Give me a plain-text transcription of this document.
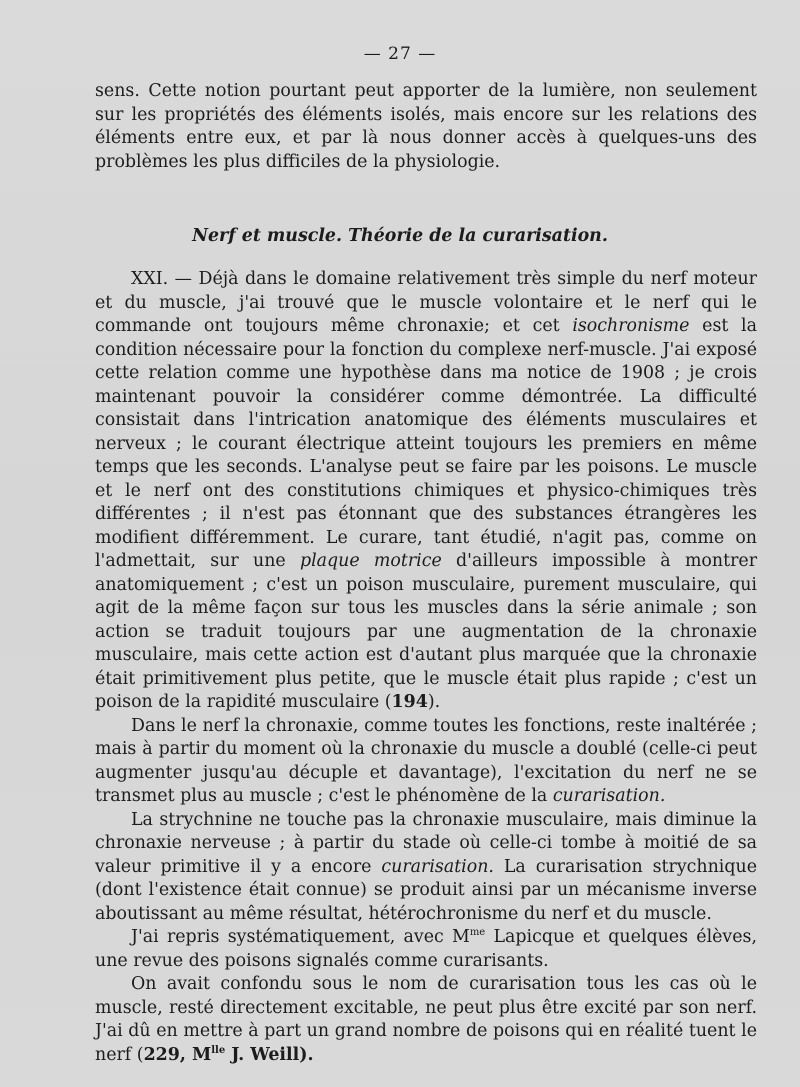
— 27 —

sens. Cette notion pourtant peut apporter de la lumière, non seulement sur les propriétés des éléments isolés, mais encore sur les relations des éléments entre eux, et par là nous donner accès à quelques-uns des problèmes les plus difficiles de la physiologie.

Nerf et muscle. Théorie de la curarisation.

XXI. — Déjà dans le domaine relativement très simple du nerf moteur et du muscle, j'ai trouvé que le muscle volontaire et le nerf qui le commande ont toujours même chronaxie; et cet isochronisme est la condition nécessaire pour la fonction du complexe nerf-muscle. J'ai exposé cette relation comme une hypothèse dans ma notice de 1908 ; je crois maintenant pouvoir la considérer comme démontrée. La difficulté consistait dans l'intrication anatomique des éléments musculaires et nerveux ; le courant électrique atteint toujours les premiers en même temps que les seconds. L'analyse peut se faire par les poisons. Le muscle et le nerf ont des constitutions chimiques et physico-chimiques très différentes ; il n'est pas étonnant que des substances étrangères les modifient différemment. Le curare, tant étudié, n'agit pas, comme on l'admettait, sur une plaque motrice d'ailleurs impossible à montrer anatomiquement ; c'est un poison musculaire, purement musculaire, qui agit de la même façon sur tous les muscles dans la série animale ; son action se traduit toujours par une augmentation de la chronaxie musculaire, mais cette action est d'autant plus marquée que la chronaxie était primitivement plus petite, que le muscle était plus rapide ; c'est un poison de la rapidité musculaire (194).

Dans le nerf la chronaxie, comme toutes les fonctions, reste inaltérée ; mais à partir du moment où la chronaxie du muscle a doublé (celle-ci peut augmenter jusqu'au décuple et davantage), l'excitation du nerf ne se transmet plus au muscle ; c'est le phénomène de la curarisation.

La strychnine ne touche pas la chronaxie musculaire, mais diminue la chronaxie nerveuse ; à partir du stade où celle-ci tombe à moitié de sa valeur primitive il y a encore curarisation. La curarisation strychnique (dont l'existence était connue) se produit ainsi par un mécanisme inverse aboutissant au même résultat, hétérochronisme du nerf et du muscle.

J'ai repris systématiquement, avec $M^{me}$ Lapicque et quelques élèves, une revue des poisons signalés comme curarisants.

On avait confondu sous le nom de curarisation tous les cas où le muscle, resté directement excitable, ne peut plus être excité par son nerf. J'ai dû en mettre à part un grand nombre de poisons qui en réalité tuent le nerf (229, $M^{lle}$ J. Weill).
